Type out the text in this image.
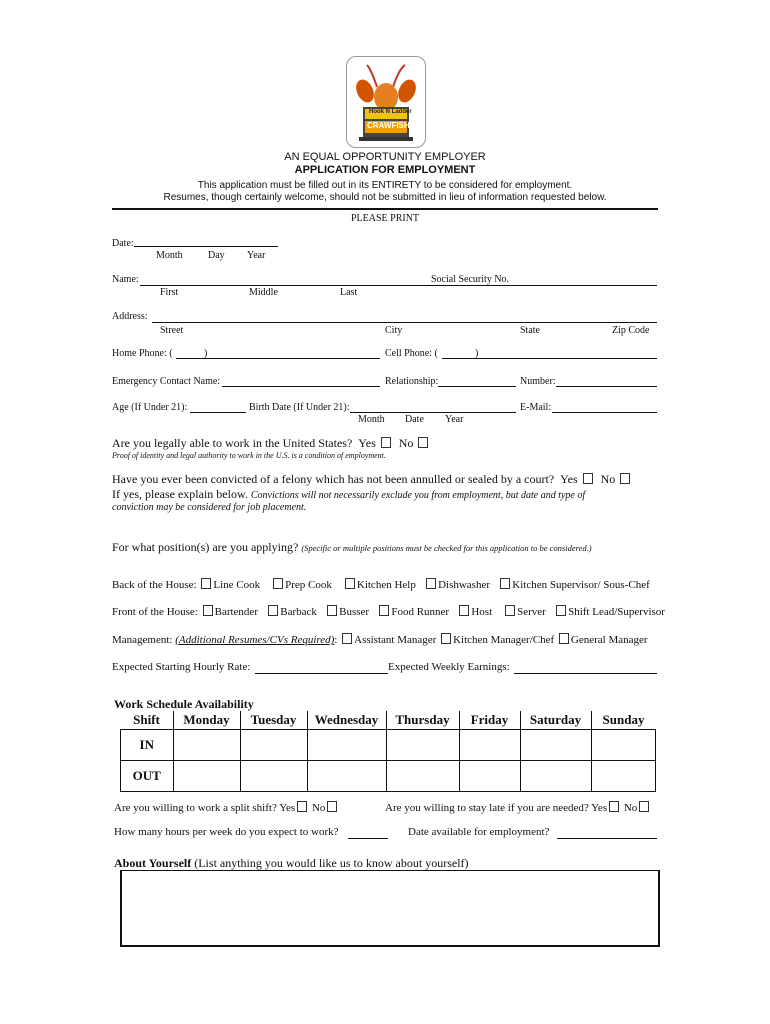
Hook N Ladder
CRAWFISH
AN EQUAL OPPORTUNITY EMPLOYER
APPLICATION FOR EMPLOYMENT
This application must be filled out in its ENTIRETY to be considered for employment.
Resumes, though certainly welcome, should not be submitted in lieu of information requested below.
PLEASE PRINT
Date:
Month	Day Year
Name:	Social Security No.
First	Middle	Last
Address:
Street	City	State	Zip Code
Home Phone: (	)	Cell Phone: (	)
Emergency Contact Name:	Relationship:	Number:
Age (If Under 21):	Birth Date (If Under 21):	E-Mail:
Month Date Year
Are you legally able to work in the United States? Yes No
Proof of identity and legal authority to work in the U.S. is a condition of employment.
Have you ever been convicted of a felony which has not been annulled or sealed by a court? Yes No
If yes, please explain below. Convictions will not necessarily exclude you from employment, but date and type of
conviction may be considered for job placement.
For what position(s) are you applying? (Specific or multiple positions must be checked for this application to be considered.)
Back of the House: Line Cook Prep Cook Kitchen Help Dishwasher Kitchen Supervisor/ Sous-Chef
Front of the House: Bartender Barback Busser Food Runner Host Server Shift Lead/Supervisor
Management: (Additional Resumes/CVs Required): Assistant Manager Kitchen Manager/Chef General Manager
Expected Starting Hourly Rate:	Expected Weekly Earnings:
Work Schedule Availability
Shift	Monday	Tuesday	Wednesday	Thursday	Friday	Saturday	Sunday
IN							
OUT							
Are you willing to work a split shift? Yes No	Are you willing to stay late if you are needed? Yes No
How many hours per week do you expect to work?	Date available for employment?
About Yourself (List anything you would like us to know about yourself)
